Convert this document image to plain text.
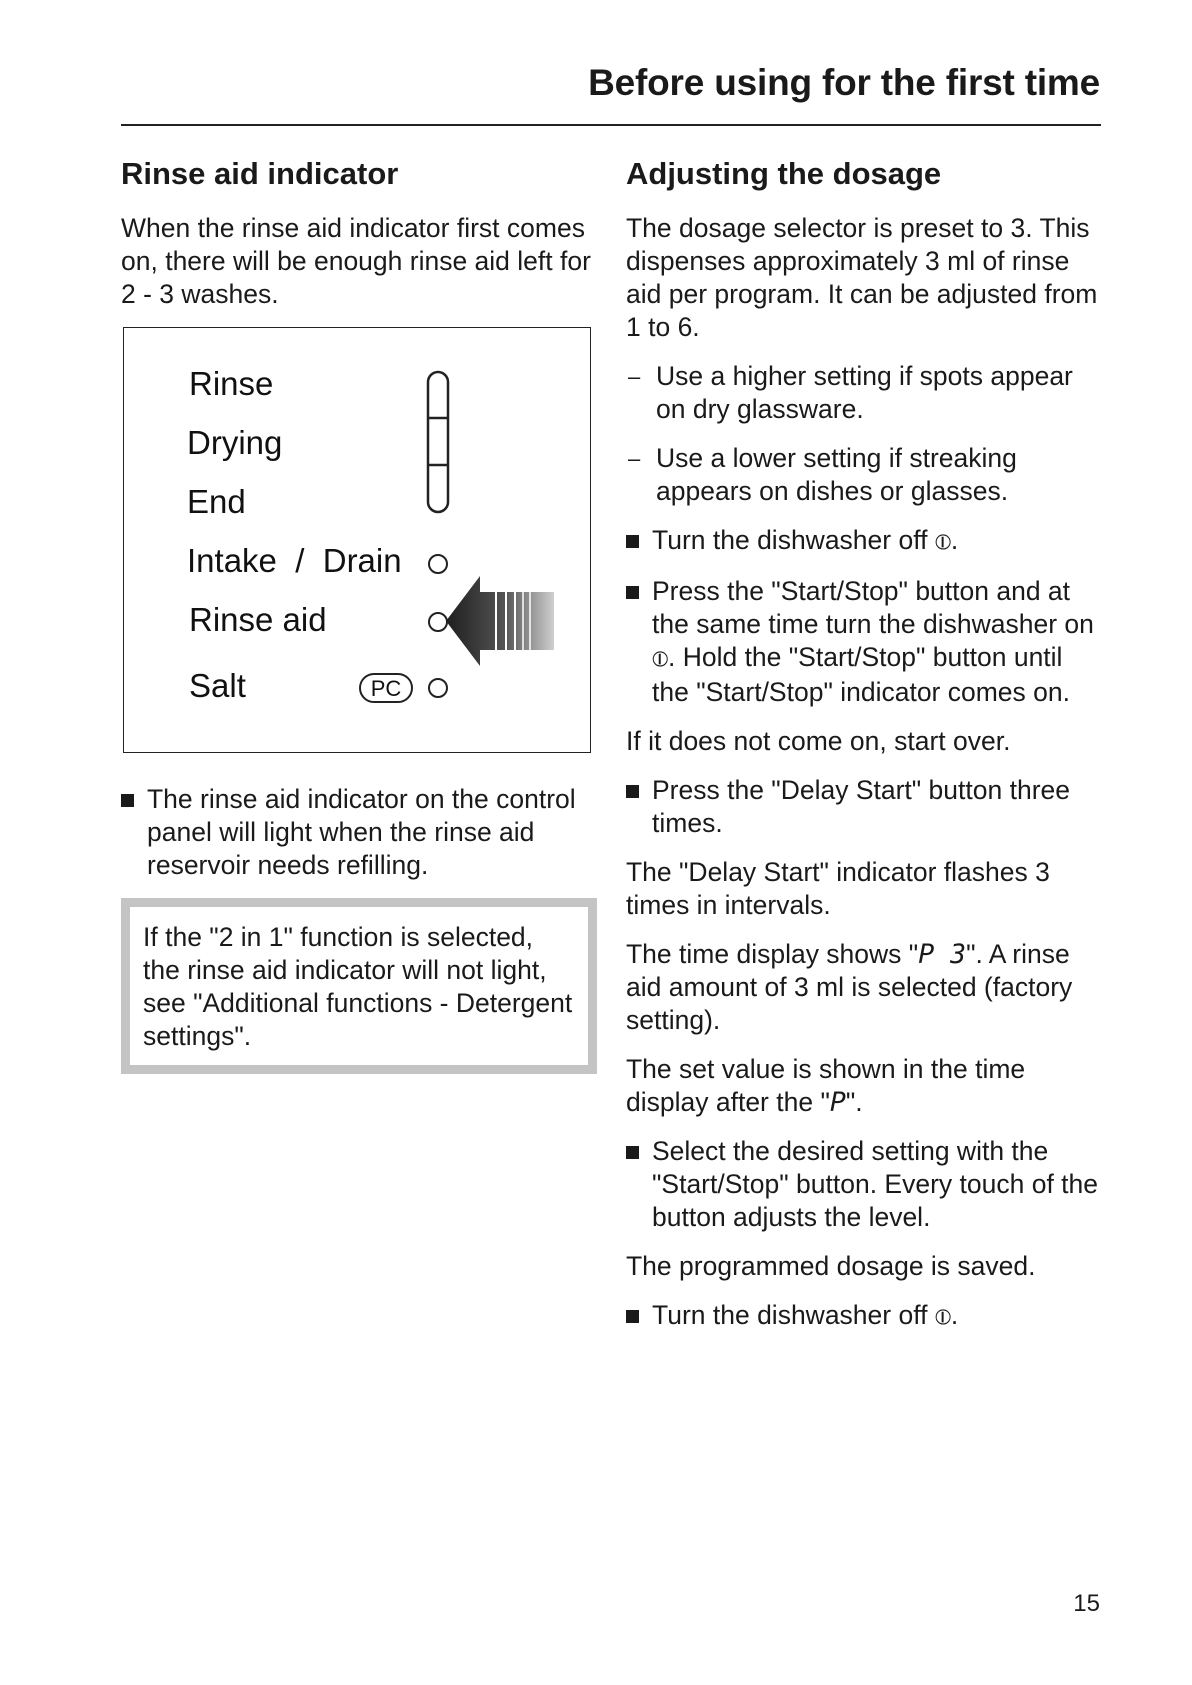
Before using for the first time
Rinse aid indicator

When the rinse aid indicator first comes on, there will be enough rinse aid left for 2 - 3 washes.

PC
Rinse
Drying
End
Intake  /  Drain
Rinse aid
Salt
The rinse aid indicator on the control panel will light when the rinse aid reservoir needs refilling.
If the "2 in 1" function is selected, the rinse aid indicator will not light, see "Additional functions - Detergent settings".
Adjusting the dosage

The dosage selector is preset to 3. This dispenses approximately 3 ml of rinse aid per program. It can be adjusted from 1 to 6.

– Use a higher setting if spots appear on dry glassware.
– Use a lower setting if streaking appears on dishes or glasses.
Turn the dishwasher off ⦶.
Press the "Start/Stop" button and at the same time turn the dishwasher on ⦶. Hold the "Start/Stop" button until the "Start/Stop" indicator comes on.

If it does not come on, start over.

Press the "Delay Start" button three times.

The "Delay Start" indicator flashes 3 times in intervals.

The time display shows "P 3". A rinse aid amount of 3 ml is selected (factory setting).

The set value is shown in the time display after the "P".

Select the desired setting with the "Start/Stop" button. Every touch of the button adjusts the level.

The programmed dosage is saved.

Turn the dishwasher off ⦶.
15
